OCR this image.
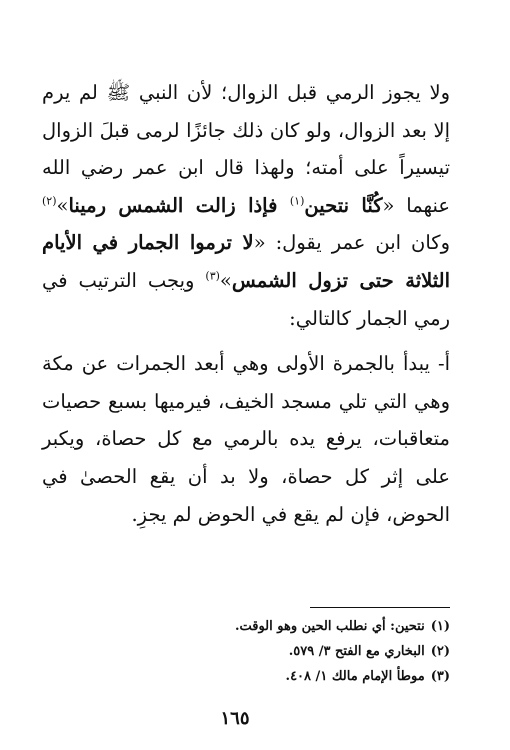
ولا يجوز الرمي قبل الزوال؛ لأن النبي ﷺ لم يرم إلا بعد الزوال، ولو كان ذلك جائزًا لرمى قبلَ الزوال تيسيراً على أمته؛ ولهذا قال ابن عمر رضي الله عنهما «كُنَّا نتحين$^{(١)}$ فإذا زالت الشمس رمينا»$^{(٢)}$ وكان ابن عمر يقول: «لا ترموا الجمار في الأيام الثلاثة حتى تزول الشمس»$^{(٣)}$ ويجب الترتيب في رمي الجمار كالتالي:

أ- يبدأ بالجمرة الأولى وهي أبعد الجمرات عن مكة وهي التي تلي مسجد الخيف، فيرميها بسبع حصيات متعاقبات، يرفع يده بالرمي مع كل حصاة، ويكبر على إثر كل حصاة، ولا بد أن يقع الحصىٰ في الحوض، فإن لم يقع في الحوض لم يجزِ.

(١)نتحين: أي نطلب الحين وهو الوقت.

(٢)البخاري مع الفتح ٣/ ٥٧٩.

(٣)موطأ الإمام مالك ١/ ٤٠٨.

١٦٥
